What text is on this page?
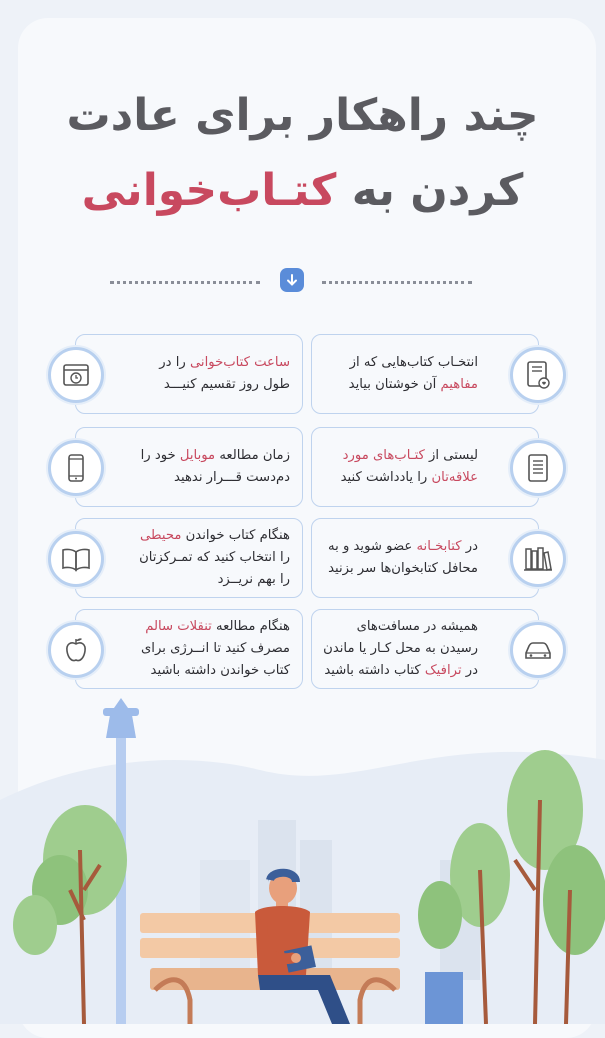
چند راهکار برای عادت
کردن به کتـاب‌خوانی
انتخـاب کتاب‌هایی که از مفاهیم آن خوشتان بیاید
ساعت کتاب‌خوانی را در طول روز تقسیم کنیـــد
لیستی از کتـاب‌های مورد علاقه‌تان را یادداشت کنید
زمان مطالعه موبایل خود را دم‌دست قـــرار ندهید
در کتابخـانه عضو شوید و به محافل کتابخوان‌ها سر بزنید
هنگام کتاب خواندن محیطی را انتخاب کنید که تمـرکزتان را بهم نریــزد
همیشه در مسافت‌های رسیدن به محل کـار یا ماندن در ترافیک کتاب داشته باشید
هنگام مطالعه تنقلات سالم مصرف کنید تا انــرژی برای کتاب خواندن داشته باشید
